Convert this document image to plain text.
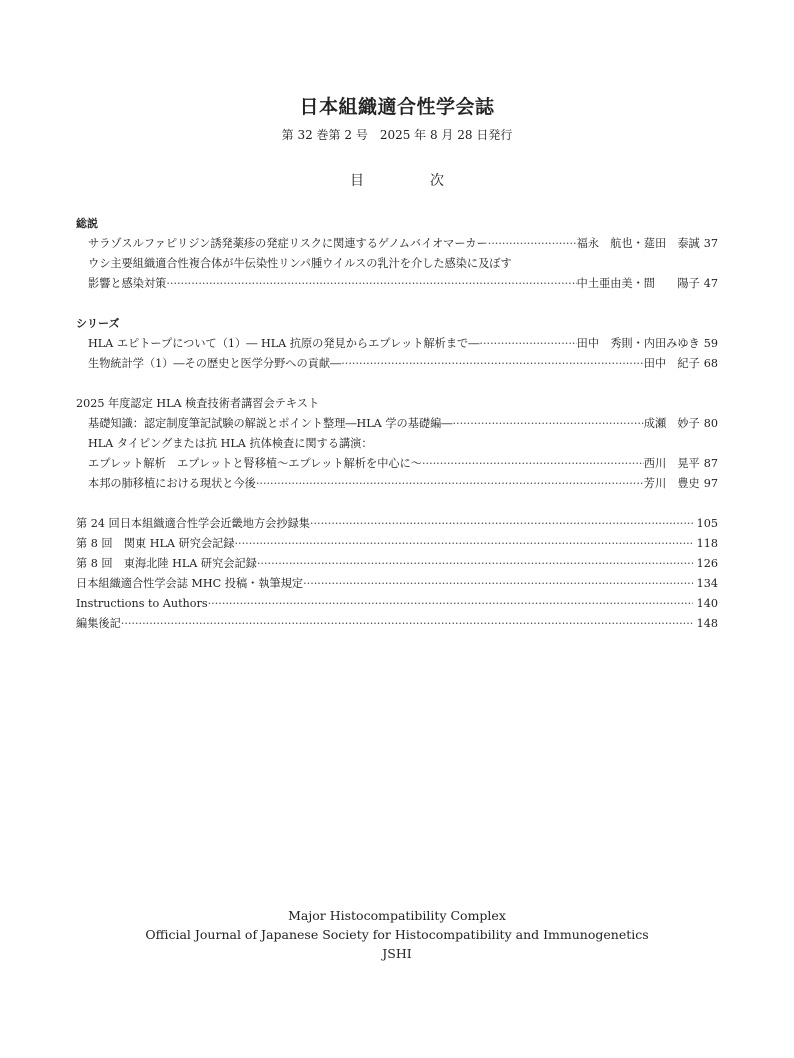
日本組織適合性学会誌
第 32 巻第 2 号　2025 年 8 月 28 日発行
目　次
総説
サラゾスルファピリジン誘発薬疹の発症リスクに関連するゲノムバイオマーカー ·····	福永　航也・莚田　泰誠 37
ウシ主要組織適合性複合体が牛伝染性リンパ腫ウイルスの乳汁を介した感染に及ぼす
影響と感染対策 ·····	中土亜由美・間　　陽子 47
シリーズ
HLA エピトープについて（1）― HLA 抗原の発見からエプレット解析まで― ·····	田中　秀則・内田みゆき 59
生物統計学（1）―その歴史と医学分野への貢献― ·····	田中　紀子 68
2025 年度認定 HLA 検査技術者講習会テキスト
基礎知識：認定制度筆記試験の解説とポイント整理―HLA 学の基礎編― ·····	成瀬　妙子 80
HLA タイピングまたは抗 HLA 抗体検査に関する講演：
エプレット解析　エプレットと腎移植〜エプレット解析を中心に〜 ·····	西川　晃平 87
本邦の肺移植における現状と今後 ·····	芳川　豊史 97
第 24 回日本組織適合性学会近畿地方会抄録集 ·····	105
第 8 回　関東 HLA 研究会記録 ·····	118
第 8 回　東海北陸 HLA 研究会記録 ·····	126
日本組織適合性学会誌 MHC 投稿・執筆規定 ·····	134
Instructions to Authors ·····	140
編集後記 ·····	148
Major Histocompatibility Complex
Official Journal of Japanese Society for Histocompatibility and Immunogenetics
JSHI
